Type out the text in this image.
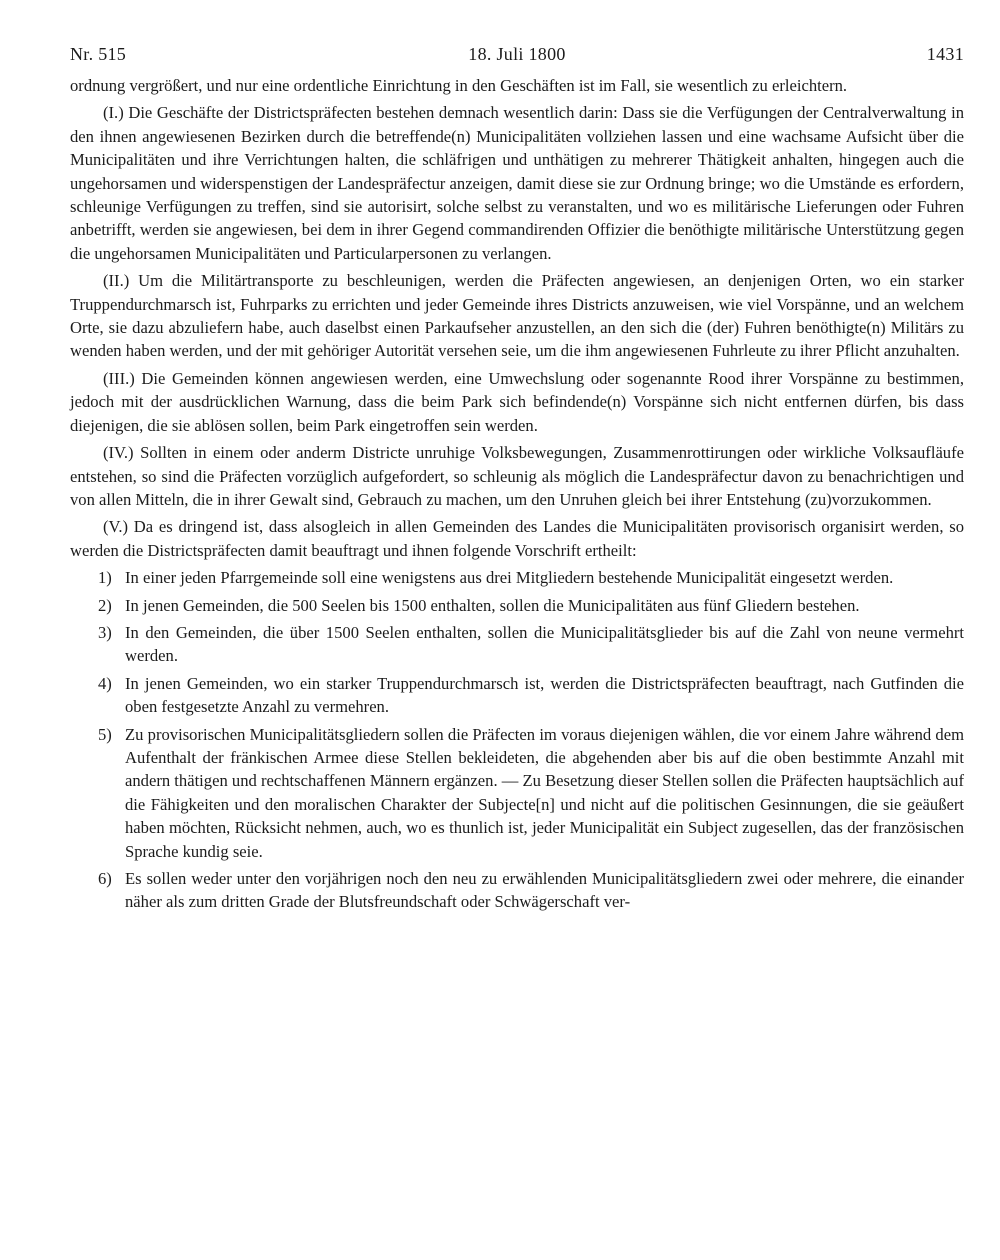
Nr. 515	18. Juli 1800	1431

ordnung vergrößert, und nur eine ordentliche Einrichtung in den Geschäften ist im Fall, sie wesentlich zu erleichtern.

(I.) Die Geschäfte der Districtspräfecten bestehen demnach wesentlich darin: Dass sie die Verfügungen der Centralverwaltung in den ihnen angewiesenen Bezirken durch die betreffende(n) Municipalitäten vollziehen lassen und eine wachsame Aufsicht über die Municipalitäten und ihre Verrichtungen halten, die schläfrigen und unthätigen zu mehrerer Thätigkeit anhalten, hingegen auch die ungehorsamen und widerspenstigen der Landespräfectur anzeigen, damit diese sie zur Ordnung bringe; wo die Umstände es erfordern, schleunige Verfügungen zu treffen, sind sie autorisirt, solche selbst zu veranstalten, und wo es militärische Lieferungen oder Fuhren anbetrifft, werden sie angewiesen, bei dem in ihrer Gegend commandirenden Offizier die benöthigte militärische Unterstützung gegen die ungehorsamen Municipalitäten und Particularpersonen zu verlangen.

(II.) Um die Militärtransporte zu beschleunigen, werden die Präfecten angewiesen, an denjenigen Orten, wo ein starker Truppendurchmarsch ist, Fuhrparks zu errichten und jeder Gemeinde ihres Districts anzuweisen, wie viel Vorspänne, und an welchem Orte, sie dazu abzuliefern habe, auch daselbst einen Parkaufseher anzustellen, an den sich die (der) Fuhren benöthigte(n) Militärs zu wenden haben werden, und der mit gehöriger Autorität versehen seie, um die ihm angewiesenen Fuhrleute zu ihrer Pflicht anzuhalten.

(III.) Die Gemeinden können angewiesen werden, eine Umwechslung oder sogenannte Rood ihrer Vorspänne zu bestimmen, jedoch mit der ausdrücklichen Warnung, dass die beim Park sich befindende(n) Vorspänne sich nicht entfernen dürfen, bis dass diejenigen, die sie ablösen sollen, beim Park eingetroffen sein werden.

(IV.) Sollten in einem oder anderm Districte unruhige Volksbewegungen, Zusammenrottirungen oder wirkliche Volksaufläufe entstehen, so sind die Präfecten vorzüglich aufgefordert, so schleunig als möglich die Landespräfectur davon zu benachrichtigen und von allen Mitteln, die in ihrer Gewalt sind, Gebrauch zu machen, um den Unruhen gleich bei ihrer Entstehung (zu)vorzukommen.

(V.) Da es dringend ist, dass alsogleich in allen Gemeinden des Landes die Municipalitäten provisorisch organisirt werden, so werden die Districtspräfecten damit beauftragt und ihnen folgende Vorschrift ertheilt:

1) In einer jeden Pfarrgemeinde soll eine wenigstens aus drei Mitgliedern bestehende Municipalität eingesetzt werden.
2) In jenen Gemeinden, die 500 Seelen bis 1500 enthalten, sollen die Municipalitäten aus fünf Gliedern bestehen.
3) In den Gemeinden, die über 1500 Seelen enthalten, sollen die Municipalitätsglieder bis auf die Zahl von neune vermehrt werden.
4) In jenen Gemeinden, wo ein starker Truppendurchmarsch ist, werden die Districtspräfecten beauftragt, nach Gutfinden die oben festgesetzte Anzahl zu vermehren.
5) Zu provisorischen Municipalitätsgliedern sollen die Präfecten im voraus diejenigen wählen, die vor einem Jahre während dem Aufenthalt der fränkischen Armee diese Stellen bekleideten, die abgehenden aber bis auf die oben bestimmte Anzahl mit andern thätigen und rechtschaffenen Männern ergänzen. — Zu Besetzung dieser Stellen sollen die Präfecten hauptsächlich auf die Fähigkeiten und den moralischen Charakter der Subjecte[n] und nicht auf die politischen Gesinnungen, die sie geäußert haben möchten, Rücksicht nehmen, auch, wo es thunlich ist, jeder Municipalität ein Subject zugesellen, das der französischen Sprache kundig seie.
6) Es sollen weder unter den vorjährigen noch den neu zu erwählenden Municipalitätsgliedern zwei oder mehrere, die einander näher als zum dritten Grade der Blutsfreundschaft oder Schwägerschaft ver-
